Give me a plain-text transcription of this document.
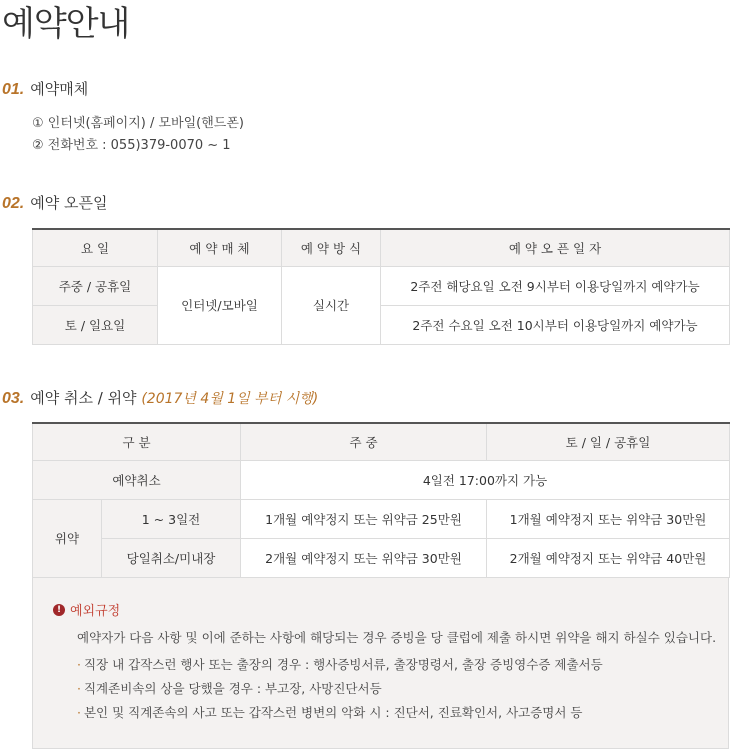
예약안내
01. 예약매체
① 인터넷(홈페이지) / 모바일(핸드폰)
② 전화번호 : 055)379-0070 ~ 1
02. 예약 오픈일
요 일	예 약 매 체	예 약 방 식	예 약 오 픈 일 자
주중 / 공휴일	인터넷/모바일	실시간	2주전 해당요일 오전 9시부터 이용당일까지 예약가능
토 / 일요일			2주전 수요일 오전 10시부터 이용당일까지 예약가능
03. 예약 취소 / 위약 (2017년 4월 1일 부터 시행)
구 분		주 중	토 / 일 / 공휴일
예약취소		4일전 17:00까지 가능	
위약	1 ~ 3일전	1개월 예약정지 또는 위약금 25만원	1개월 예약정지 또는 위약금 30만원
	당일취소/미내장	2개월 예약정지 또는 위약금 30만원	2개월 예약정지 또는 위약금 40만원
! 예외규정
예약자가 다음 사항 및 이에 준하는 사항에 해당되는 경우 증빙을 당 클럽에 제출 하시면 위약을 해지 하실수 있습니다.
· 직장 내 갑작스런 행사 또는 출장의 경우 : 행사증빙서류, 출장명령서, 출장 증빙영수증 제출서등
· 직계존비속의 상을 당했을 경우 : 부고장, 사망진단서등
· 본인 및 직계존속의 사고 또는 갑작스런 병변의 악화 시 : 진단서, 진료확인서, 사고증명서 등
